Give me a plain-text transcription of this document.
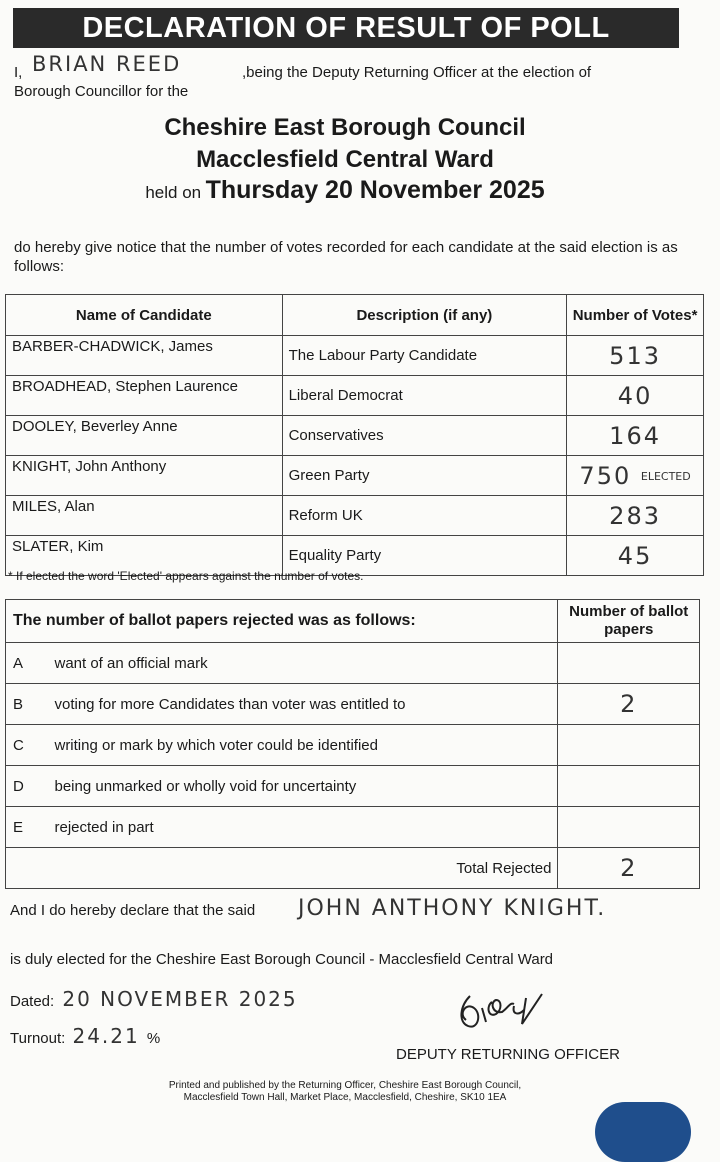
DECLARATION OF RESULT OF POLL
I, BRIAN REED	,being the Deputy Returning Officer at the election of
Borough Councillor for the
Cheshire East Borough Council
Macclesfield Central Ward
held on Thursday 20 November 2025
do hereby give notice that the number of votes recorded for each candidate at the said election is as follows:
Name of Candidate	Description (if any)	Number of Votes*
BARBER-CHADWICK, James	The Labour Party Candidate	513
BROADHEAD, Stephen Laurence	Liberal Democrat	40
DOOLEY, Beverley Anne	Conservatives	164
KNIGHT, John Anthony	Green Party	750 ELECTED
MILES, Alan	Reform UK	283
SLATER, Kim	Equality Party	45
* If elected the word 'Elected' appears against the number of votes.
The number of ballot papers rejected was as follows:		Number of ballot papers
A	want of an official mark	
B	voting for more Candidates than voter was entitled to	2
C	writing or mark by which voter could be identified	
D	being unmarked or wholly void for uncertainty	
E	rejected in part	
Total Rejected		2
And I do hereby declare that the said JOHN ANTHONY KNIGHT.
is duly elected for the Cheshire East Borough Council - Macclesfield Central Ward
Dated: 20 NOVEMBER 2025
Turnout: 24.21 %
DEPUTY RETURNING OFFICER
Printed and published by the Returning Officer, Cheshire East Borough Council,
Macclesfield Town Hall, Market Place, Macclesfield, Cheshire, SK10 1EA
